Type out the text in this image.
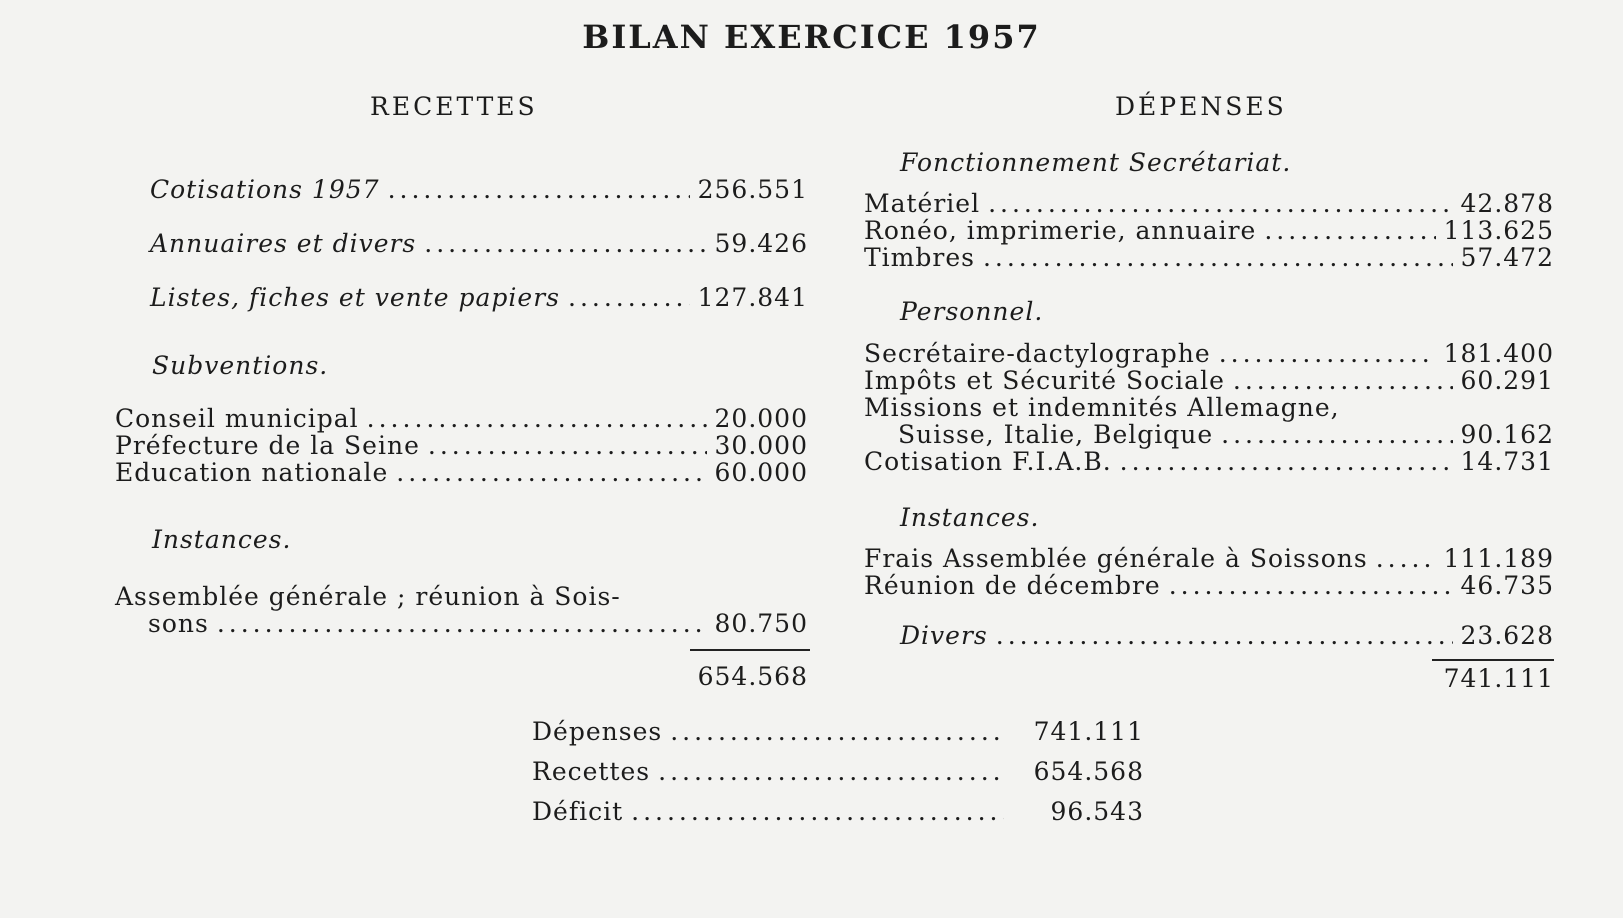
BILAN EXERCICE 1957
RECETTES
Cotisations 1957 .....	256.551
Annuaires et divers .....	59.426
Listes, fiches et vente papiers .....	127.841
Subventions.
Conseil municipal .....	20.000
Préfecture de la Seine .....	30.000
Education nationale .....	60.000
Instances.
Assemblée générale ; réunion à Sois-
sons .....	80.750
654.568
DÉPENSES
Fonctionnement Secrétariat.
Matériel .....	42.878
Ronéo, imprimerie, annuaire .....	113.625
Timbres .....	57.472
Personnel.
Secrétaire-dactylographe .....	181.400
Impôts et Sécurité Sociale .....	60.291
Missions et indemnités Allemagne,
Suisse, Italie, Belgique .....	90.162
Cotisation F.I.A.B. .....	14.731
Instances.
Frais Assemblée générale à Soissons .....	111.189
Réunion de décembre .....	46.735
Divers .....	23.628
741.111
Dépenses .....	741.111
Recettes .....	654.568
Déficit .....	96.543
